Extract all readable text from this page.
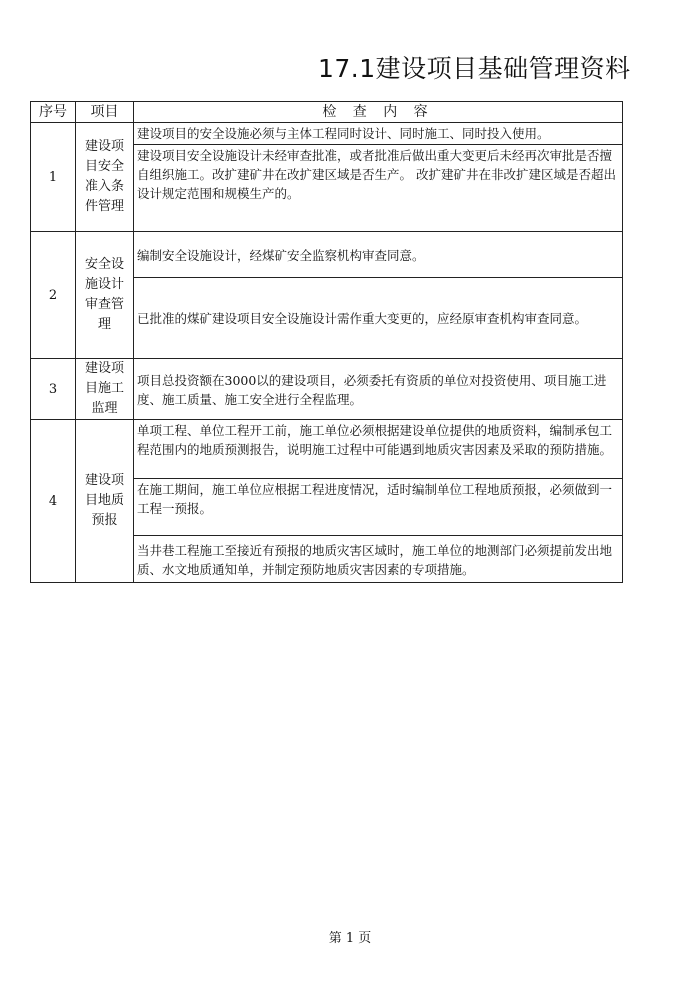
17.1建设项目基础管理资料
序号	项目	检 查 内 容
1	建设项目安全准入条件管理	建设项目的安全设施必须与主体工程同时设计、同时施工、同时投入使用。
		建设项目安全设施设计未经审查批准，或者批准后做出重大变更后未经再次审批是否擅自组织施工。改扩建矿井在改扩建区域是否生产。 改扩建矿井在非改扩建区域是否超出设计规定范围和规模生产的。
2	安全设施设计审查管理	编制安全设施设计，经煤矿安全监察机构审查同意。
		已批准的煤矿建设项目安全设施设计需作重大变更的，应经原审查机构审查同意。
3	建设项目施工监理	项目总投资额在3000以的建设项目，必须委托有资质的单位对投资使用、项目施工进度、施工质量、施工安全进行全程监理。
4	建设项目地质预报	单项工程、单位工程开工前，施工单位必须根据建设单位提供的地质资料，编制承包工程范围内的地质预测报告，说明施工过程中可能遇到地质灾害因素及采取的预防措施。
		在施工期间，施工单位应根据工程进度情况，适时编制单位工程地质预报，必须做到一工程一预报。
		当井巷工程施工至接近有预报的地质灾害区域时，施工单位的地测部门必须提前发出地质、水文地质通知单，并制定预防地质灾害因素的专项措施。
第 1 页
